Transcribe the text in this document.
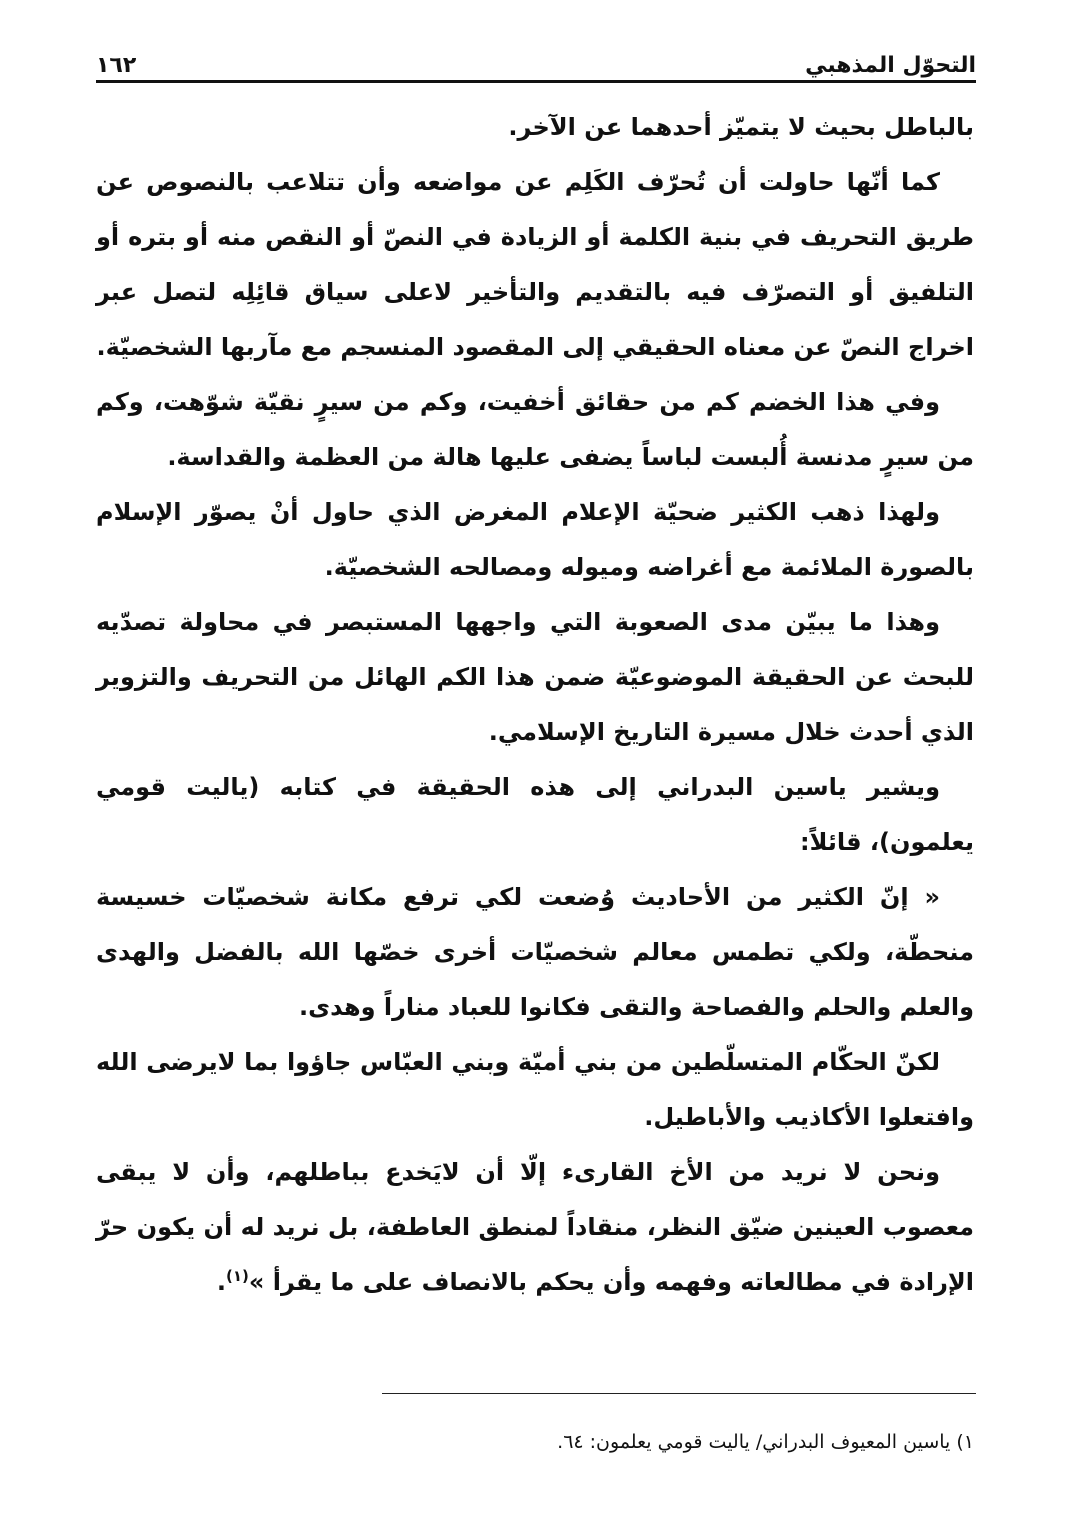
التحوّل المذهبي
١٦٢

بالباطل بحيث لا يتميّز أحدهما عن الآخر.

كما أنّها حاولت أن تُحرّف الكَلِم عن مواضعه وأن تتلاعب بالنصوص عن طريق التحريف في بنية الكلمة أو الزيادة في النصّ أو النقص منه أو بتره أو التلفيق أو التصرّف فيه بالتقديم والتأخير لاعلى سياق قائِلِه لتصل عبر اخراج النصّ عن معناه الحقيقي إلى المقصود المنسجم مع مآربها الشخصيّة.

وفي هذا الخضم كم من حقائق أخفيت، وكم من سيرٍ نقيّة شوّهت، وكم من سيرٍ مدنسة أُلبست لباساً يضفى عليها هالة من العظمة والقداسة.

ولهذا ذهب الكثير ضحيّة الإعلام المغرض الذي حاول أنْ يصوّر الإسلام بالصورة الملائمة مع أغراضه وميوله ومصالحه الشخصيّة.

وهذا ما يبيّن مدى الصعوبة التي واجهها المستبصر في محاولة تصدّيه للبحث عن الحقيقة الموضوعيّة ضمن هذا الكم الهائل من التحريف والتزوير الذي أحدث خلال مسيرة التاريخ الإسلامي.

ويشير ياسين البدراني إلى هذه الحقيقة في كتابه (ياليت قومي يعلمون)، قائلاً:

« إنّ الكثير من الأحاديث وُضعت لكي ترفع مكانة شخصيّات خسيسة منحطّة، ولكي تطمس معالم شخصيّات أخرى خصّها الله بالفضل والهدى والعلم والحلم والفصاحة والتقى فكانوا للعباد مناراً وهدى.

لكنّ الحكّام المتسلّطين من بني أميّة وبني العبّاس جاؤوا بما لايرضى الله وافتعلوا الأكاذيب والأباطيل.

ونحن لا نريد من الأخ القارىء إلّا أن لايَخدع بباطلهم، وأن لا يبقى معصوب العينين ضيّق النظر، منقاداً لمنطق العاطفة، بل نريد له أن يكون حرّ الإرادة في مطالعاته وفهمه وأن يحكم بالانصاف على ما يقرأ »$^{(١)}$.

١) ياسين المعيوف البدراني/ ياليت قومي يعلمون: ٦٤.
